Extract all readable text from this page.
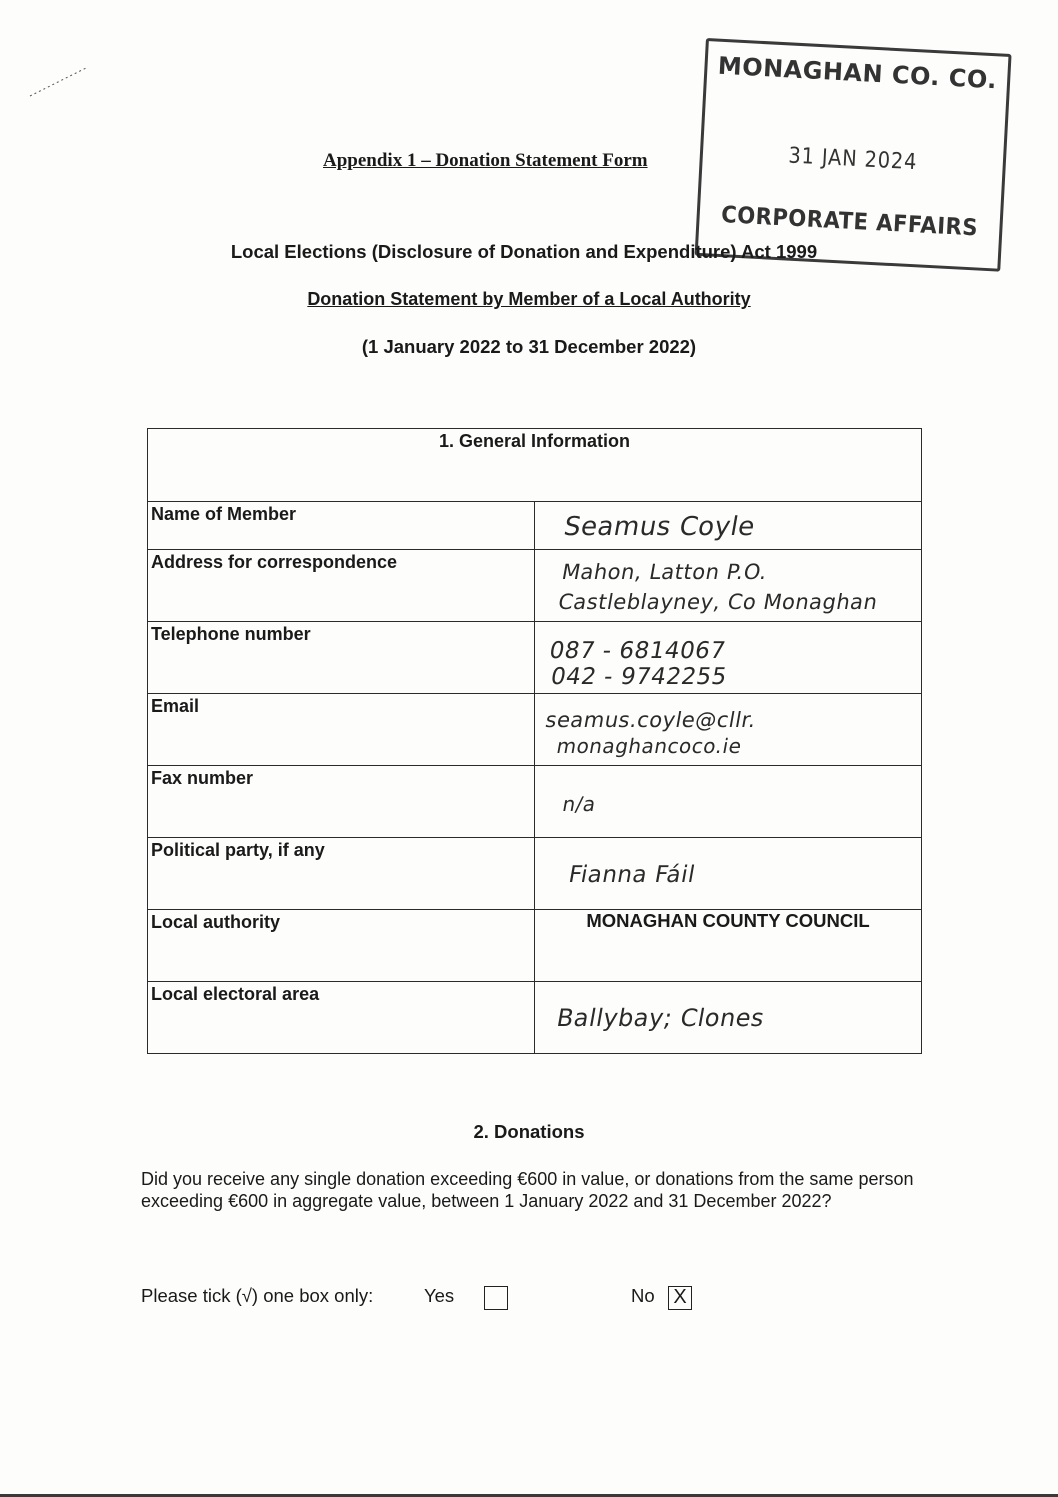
Appendix 1 – Donation Statement Form
MONAGHAN CO. CO.
31 JAN 2024
CORPORATE AFFAIRS
Local Elections (Disclosure of Donation and Expenditure) Act 1999
Donation Statement by Member of a Local Authority
(1 January 2022 to 31 December 2022)
1. General Information	
Name of Member	Seamus Coyle

Address for correspondence	Mahon, Latton P.O.
Castleblayney, Co Monaghan

Telephone number	087 - 6814067
042 - 9742255

Email	seamus.coyle@cllr.
monaghancoco.ie

Fax number	n/a

Political party, if any	Fianna Fáil

Local authority	MONAGHAN COUNTY COUNCIL
Local electoral area	Ballybay; Clones
2. Donations
Did you receive any single donation exceeding €600 in value, or donations from the same person exceeding €600 in aggregate value, between 1 January 2022 and 31 December 2022?
Please tick (√) one box only:	Yes	No X
